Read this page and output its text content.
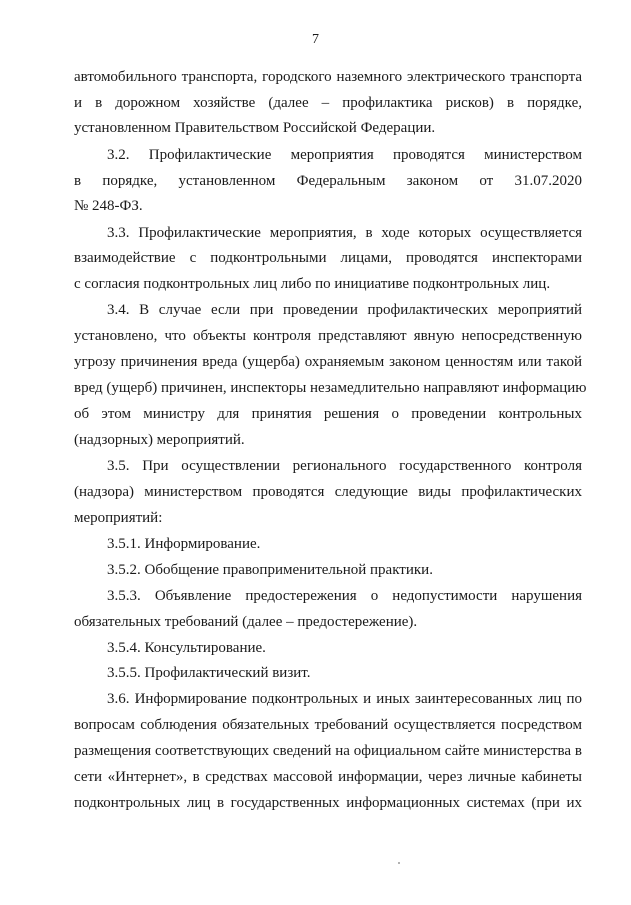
7
автомобильного транспорта, городского наземного электрического транспорта
и в дорожном хозяйстве (далее – профилактика рисков) в порядке,
установленном Правительством Российской Федерации.
3.2. Профилактические мероприятия проводятся министерством
в порядке, установленном Федеральным законом от 31.07.2020
№ 248-ФЗ.
3.3. Профилактические мероприятия, в ходе которых осуществляется
взаимодействие с подконтрольными лицами, проводятся инспекторами
с согласия подконтрольных лиц либо по инициативе подконтрольных лиц.
3.4. В случае если при проведении профилактических мероприятий
установлено, что объекты контроля представляют явную непосредственную
угрозу причинения вреда (ущерба) охраняемым законом ценностям или такой
вред (ущерб) причинен, инспекторы незамедлительно направляют информацию
об этом министру для принятия решения о проведении контрольных
(надзорных) мероприятий.
3.5. При осуществлении регионального государственного контроля
(надзора) министерством проводятся следующие виды профилактических
мероприятий:
3.5.1. Информирование.
3.5.2. Обобщение правоприменительной практики.
3.5.3. Объявление предостережения о недопустимости нарушения
обязательных требований (далее – предостережение).
3.5.4. Консультирование.
3.5.5. Профилактический визит.
3.6. Информирование подконтрольных и иных заинтересованных лиц по
вопросам соблюдения обязательных требований осуществляется посредством
размещения соответствующих сведений на официальном сайте министерства в
сети «Интернет», в средствах массовой информации, через личные кабинеты
подконтрольных лиц в государственных информационных системах (при их
